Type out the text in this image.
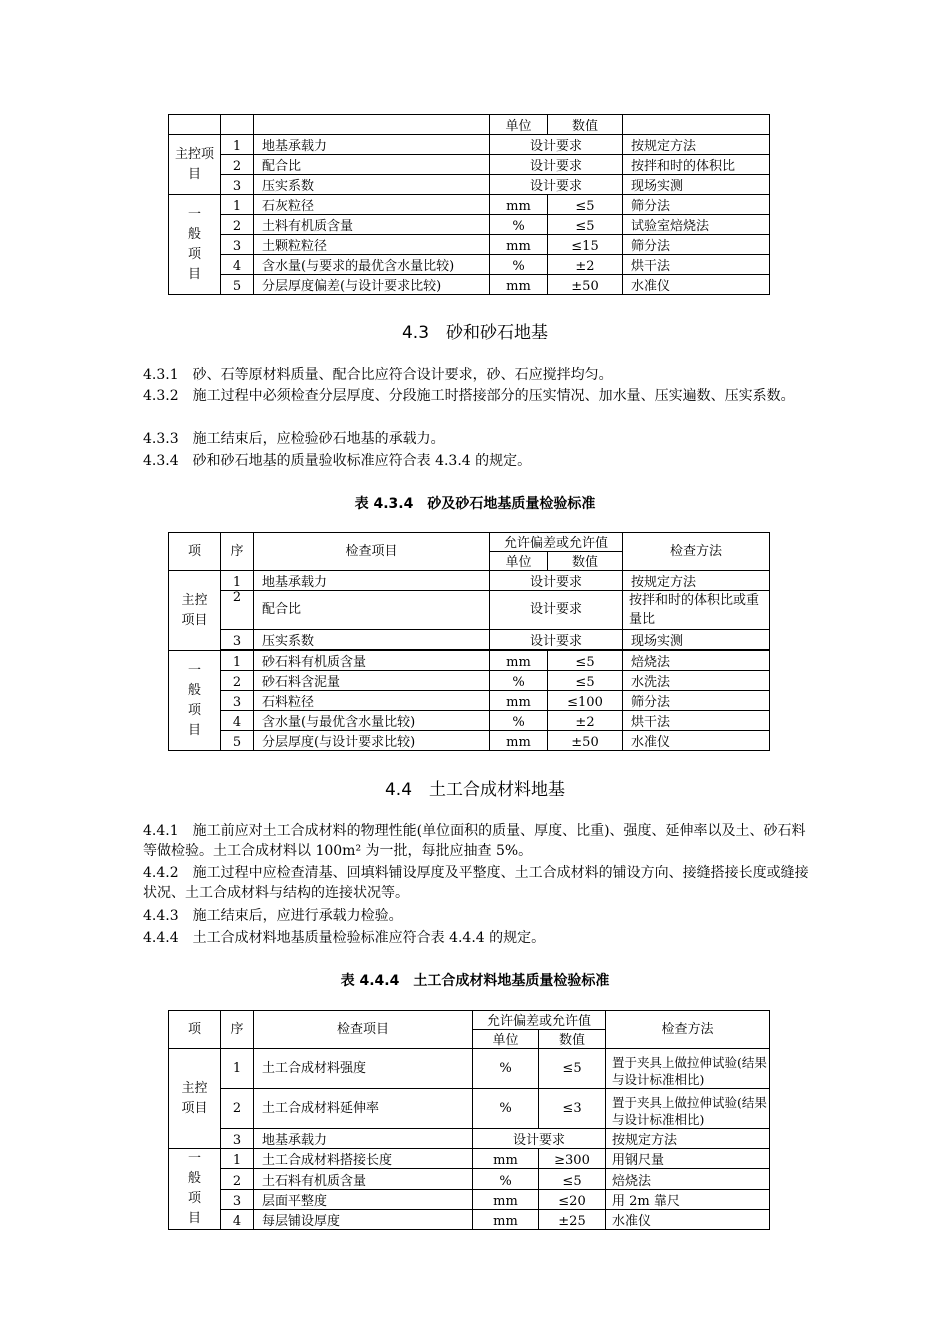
			单位	数值	
主控项目	1	地基承载力	设计要求		按规定方法
	2	配合比	设计要求		按拌和时的体积比
	3	压实系数	设计要求		现场实测
一般项目	1	石灰粒径	mm	≤5	筛分法
	2	土料有机质含量	%	≤5	试验室焙烧法
	3	土颗粒粒径	mm	≤15	筛分法
	4	含水量(与要求的最优含水量比较)	%	±2	烘干法
	5	分层厚度偏差(与设计要求比较)	mm	±50	水准仪
4.3　砂和砂石地基
4.3.1 砂、石等原材料质量、配合比应符合设计要求，砂、石应搅拌均匀。
4.3.2 施工过程中必须检查分层厚度、分段施工时搭接部分的压实情况、加水量、压实遍数、压实系数。
4.3.3 施工结束后，应检验砂石地基的承载力。
4.3.4 砂和砂石地基的质量验收标准应符合表 4.3.4 的规定。
表 4.3.4　砂及砂石地基质量检验标准
项	序	检查项目	允许偏差或允许值		检查方法
			单位	数值	
主控项目	1	地基承载力	设计要求		按规定方法
	2	配合比	设计要求		按拌和时的体积比或重量比
	3	压实系数	设计要求		现场实测

一般项目	1	砂石料有机质含量	mm	≤5	焙烧法
	2	砂石料含泥量	%	≤5	水洗法
	3	石料粒径	mm	≤100	筛分法
	4	含水量(与最优含水量比较)	%	±2	烘干法
	5	分层厚度(与设计要求比较)	mm	±50	水准仪
4.4　土工合成材料地基
4.4.1 施工前应对土工合成材料的物理性能(单位面积的质量、厚度、比重)、强度、延伸率以及土、砂石料等做检验。土工合成材料以 100m² 为一批，每批应抽查 5%。
4.4.2 施工过程中应检查清基、回填料铺设厚度及平整度、土工合成材料的铺设方向、接缝搭接长度或缝接状况、土工合成材料与结构的连接状况等。
4.4.3 施工结束后，应进行承载力检验。
4.4.4 土工合成材料地基质量检验标准应符合表 4.4.4 的规定。
表 4.4.4　土工合成材料地基质量检验标准
项	序	检查项目	允许偏差或允许值		检查方法
			单位	数值	
主控项目	1	土工合成材料强度	%	≤5	置于夹具上做拉伸试验(结果与设计标准相比)
	2	土工合成材料延伸率	%	≤3	置于夹具上做拉伸试验(结果与设计标准相比)
	3	地基承载力	设计要求		按规定方法
一般项目	1	土工合成材料搭接长度	mm	≥300	用钢尺量
	2	土石料有机质含量	%	≤5	焙烧法
	3	层面平整度	mm	≤20	用 2m 靠尺
	4	每层铺设厚度	mm	±25	水准仪
